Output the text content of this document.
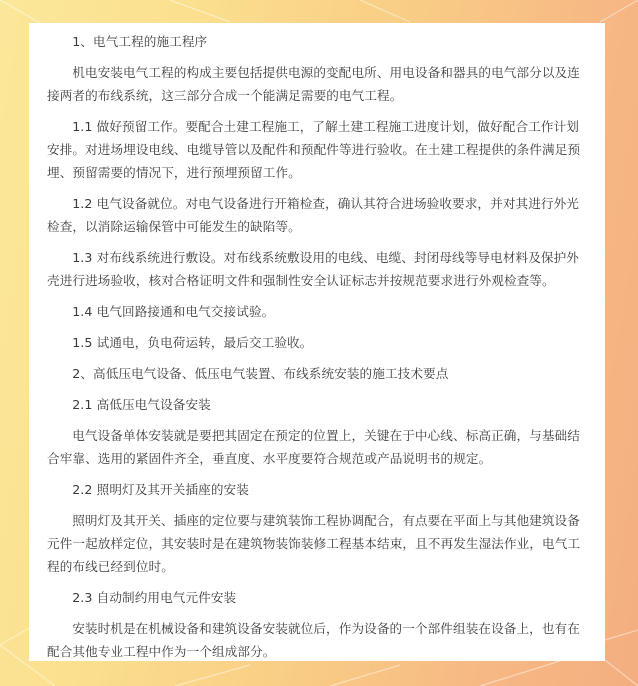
1、电气工程的施工程序

机电安装电气工程的构成主要包括提供电源的变配电所、用电设备和器具的电气部分以及连接两者的布线系统，这三部分合成一个能满足需要的电气工程。

1.1 做好预留工作。要配合土建工程施工，了解土建工程施工进度计划，做好配合工作计划安排。对进场埋设电线、电缆导管以及配件和预配件等进行验收。在土建工程提供的条件满足预埋、预留需要的情况下，进行预埋预留工作。

1.2 电气设备就位。对电气设备进行开箱检查，确认其符合进场验收要求，并对其进行外光检查，以消除运输保管中可能发生的缺陷等。

1.3 对布线系统进行敷设。对布线系统敷设用的电线、电缆、封闭母线等导电材料及保护外壳进行进场验收，核对合格证明文件和强制性安全认证标志并按规范要求进行外观检查等。

1.4 电气回路接通和电气交接试验。

1.5 试通电，负电荷运转，最后交工验收。

2、高低压电气设备、低压电气装置、布线系统安装的施工技术要点

2.1 高低压电气设备安装

电气设备单体安装就是要把其固定在预定的位置上，关键在于中心线、标高正确，与基础结合牢靠、选用的紧固件齐全，垂直度、水平度要符合规范或产品说明书的规定。

2.2 照明灯及其开关插座的安装

照明灯及其开关、插座的定位要与建筑装饰工程协调配合，有点要在平面上与其他建筑设备元件一起放样定位，其安装时是在建筑物装饰装修工程基本结束，且不再发生湿法作业，电气工程的布线已经到位时。

2.3 自动制约用电气元件安装

安装时机是在机械设备和建筑设备安装就位后，作为设备的一个部件组装在设备上，也有在配合其他专业工程中作为一个组成部分。
